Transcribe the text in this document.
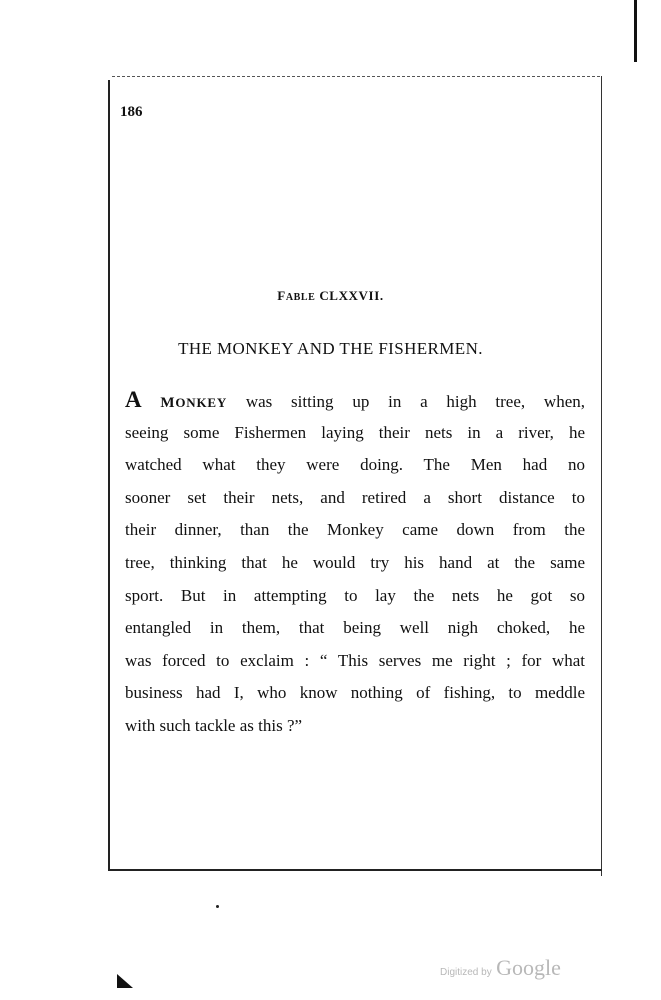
186
FABLE CLXXVII.
THE MONKEY AND THE FISHERMEN.
A MONKEY was sitting up in a high tree, when,
seeing some Fishermen laying their nets in a river, he
watched what they were doing. The Men had no
sooner set their nets, and retired a short distance to
their dinner, than the Monkey came down from the
tree, thinking that he would try his hand at the same
sport. But in attempting to lay the nets he got so
entangled in them, that being well nigh choked, he
was forced to exclaim : “ This serves me right ; for what
business had I, who know nothing of fishing, to meddle
with such tackle as this ?”
Digitized by Google
